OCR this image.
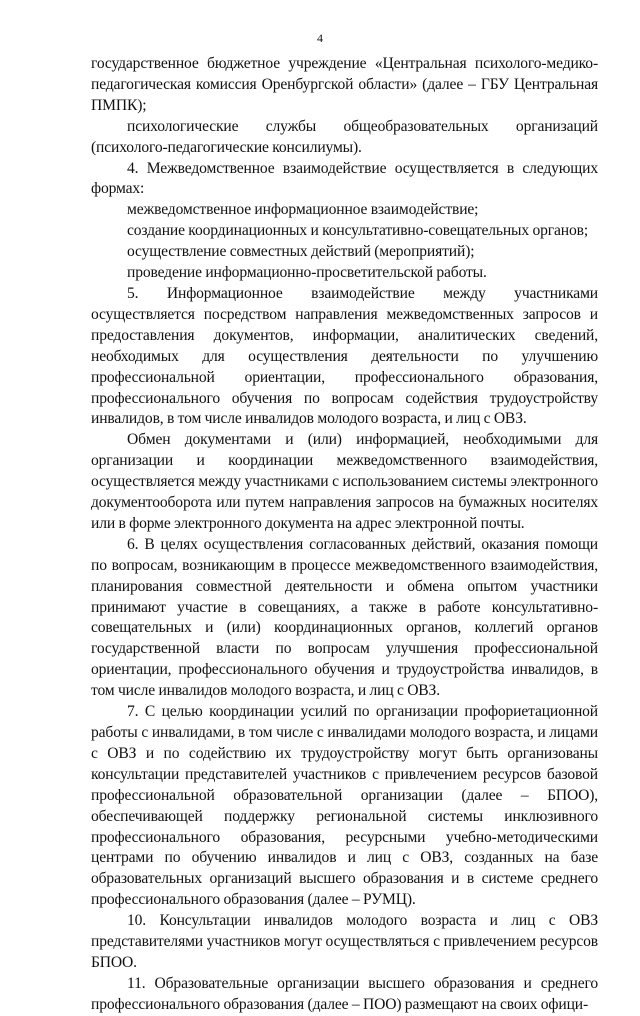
4

государственное бюджетное учреждение «Центральная психолого-медико-педагогическая комиссия Оренбургской области» (далее – ГБУ Центральная ПМПК);

психологические службы общеобразовательных организаций (психолого-педагогические консилиумы).

4. Межведомственное взаимодействие осуществляется в следующих формах:

межведомственное информационное взаимодействие;

создание координационных и консультативно-совещательных органов;

осуществление совместных действий (мероприятий);

проведение информационно-просветительской работы.

5. Информационное взаимодействие между участниками осуществляется посредством направления межведомственных запросов и предоставления документов, информации, аналитических сведений, необходимых для осуществления деятельности по улучшению профессиональной ориентации, профессионального образования, профессионального обучения по вопросам содействия трудоустройству инвалидов, в том числе инвалидов молодого возраста, и лиц с ОВЗ.

Обмен документами и (или) информацией, необходимыми для организации и координации межведомственного взаимодействия, осуществляется между участниками с использованием системы электронного документооборота или путем направления запросов на бумажных носителях или в форме электронного документа на адрес электронной почты.

6. В целях осуществления согласованных действий, оказания помощи по вопросам, возникающим в процессе межведомственного взаимодействия, планирования совместной деятельности и обмена опытом участники принимают участие в совещаниях, а также в работе консультативно-совещательных и (или) координационных органов, коллегий органов государственной власти по вопросам улучшения профессиональной ориентации, профессионального обучения и трудоустройства инвалидов, в том числе инвалидов молодого возраста, и лиц с ОВЗ.

7. С целью координации усилий по организации профориетационной работы с инвалидами, в том числе с инвалидами молодого возраста, и лицами с ОВЗ и по содействию их трудоустройству могут быть организованы консультации представителей участников с привлечением ресурсов базовой профессиональной образовательной организации (далее – БПОО), обеспечивающей поддержку региональной системы инклюзивного профессионального образования, ресурсными учебно-методическими центрами по обучению инвалидов и лиц с ОВЗ, созданных на базе образовательных организаций высшего образования и в системе среднего профессионального образования (далее – РУМЦ).

10. Консультации инвалидов молодого возраста и лиц с ОВЗ представителями участников могут осуществляться с привлечением ресурсов БПОО.

11. Образовательные организации высшего образования и среднего профессионального образования (далее – ПОО) размещают на своих офици-
